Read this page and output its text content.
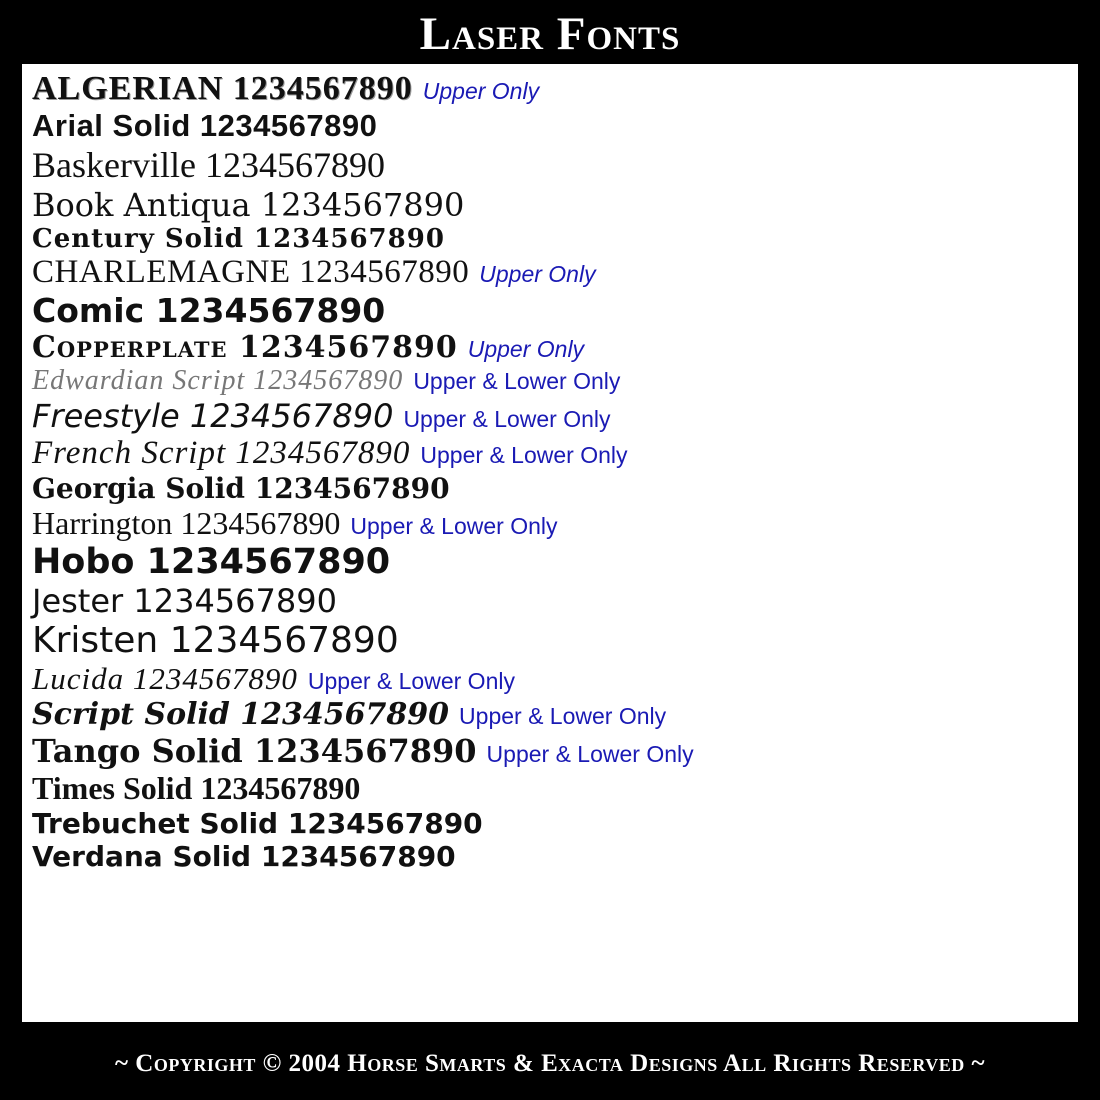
Laser Fonts
ALGERIAN 1234567890 Upper Only
Arial Solid 1234567890
Baskerville 1234567890
Book Antiqua 1234567890
Century Solid 1234567890
CHARLEMAGNE 1234567890 Upper Only
Comic 1234567890
Copperplate 1234567890 Upper Only
Edwardian Script 1234567890 Upper & Lower Only
Freestyle 1234567890 Upper & Lower Only
French Script 1234567890 Upper & Lower Only
Georgia Solid 1234567890
Harrington 1234567890 Upper & Lower Only
Hobo 1234567890
Jester 1234567890
Kristen 1234567890
Lucida 1234567890 Upper & Lower Only
Script Solid 1234567890 Upper & Lower Only
Tango Solid 1234567890 Upper & Lower Only
Times Solid 1234567890
Trebuchet Solid 1234567890
Verdana Solid 1234567890
~ Copyright © 2004 Horse Smarts & Exacta Designs All Rights Reserved ~
